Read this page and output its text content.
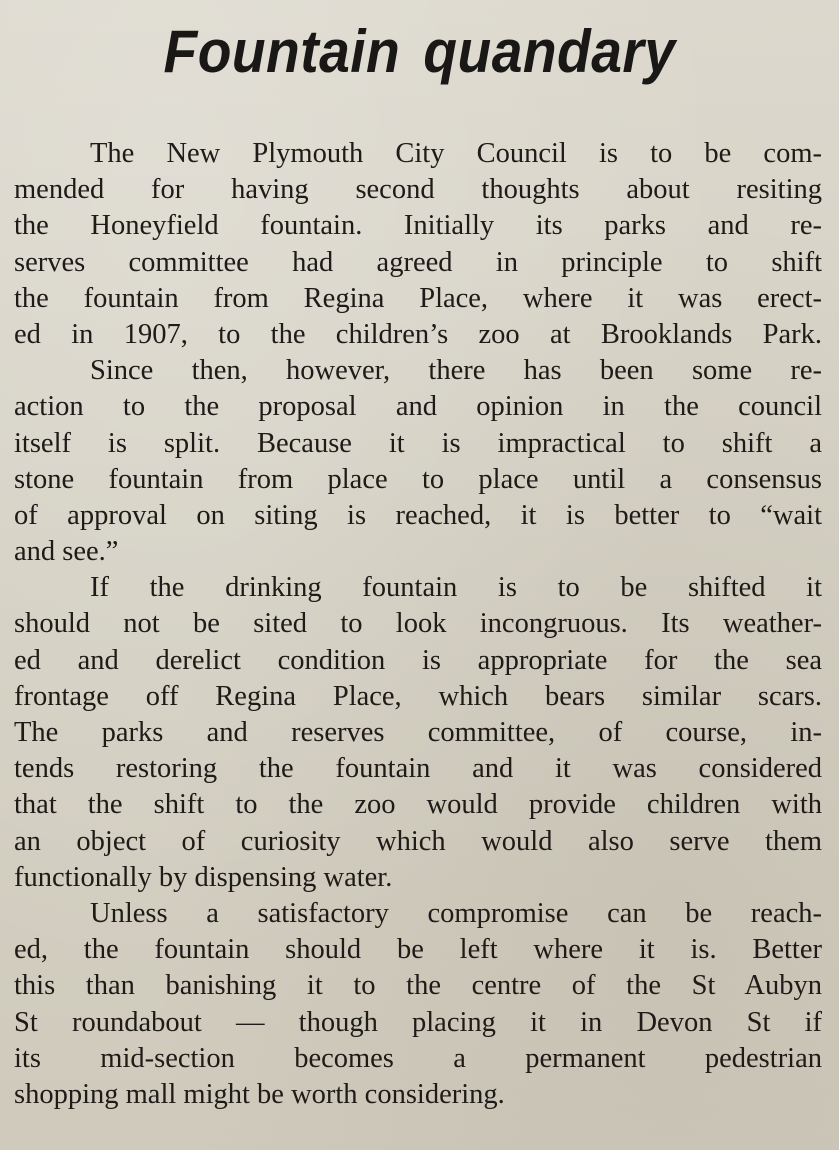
Fountain quandary
The New Plymouth City Council is to be com-
mended for having second thoughts about resiting
the Honeyfield fountain. Initially its parks and re-
serves committee had agreed in principle to shift
the fountain from Regina Place, where it was erect-
ed in 1907, to the children’s zoo at Brooklands Park.
Since then, however, there has been some re-
action to the proposal and opinion in the council
itself is split. Because it is impractical to shift a
stone fountain from place to place until a consensus
of approval on siting is reached, it is better to “wait
and see.”
If the drinking fountain is to be shifted it
should not be sited to look incongruous. Its weather-
ed and derelict condition is appropriate for the sea
frontage off Regina Place, which bears similar scars.
The parks and reserves committee, of course, in-
tends restoring the fountain and it was considered
that the shift to the zoo would provide children with
an object of curiosity which would also serve them
functionally by dispensing water.
Unless a satisfactory compromise can be reach-
ed, the fountain should be left where it is. Better
this than banishing it to the centre of the St Aubyn
St roundabout — though placing it in Devon St if
its mid-section becomes a permanent pedestrian
shopping mall might be worth considering.
